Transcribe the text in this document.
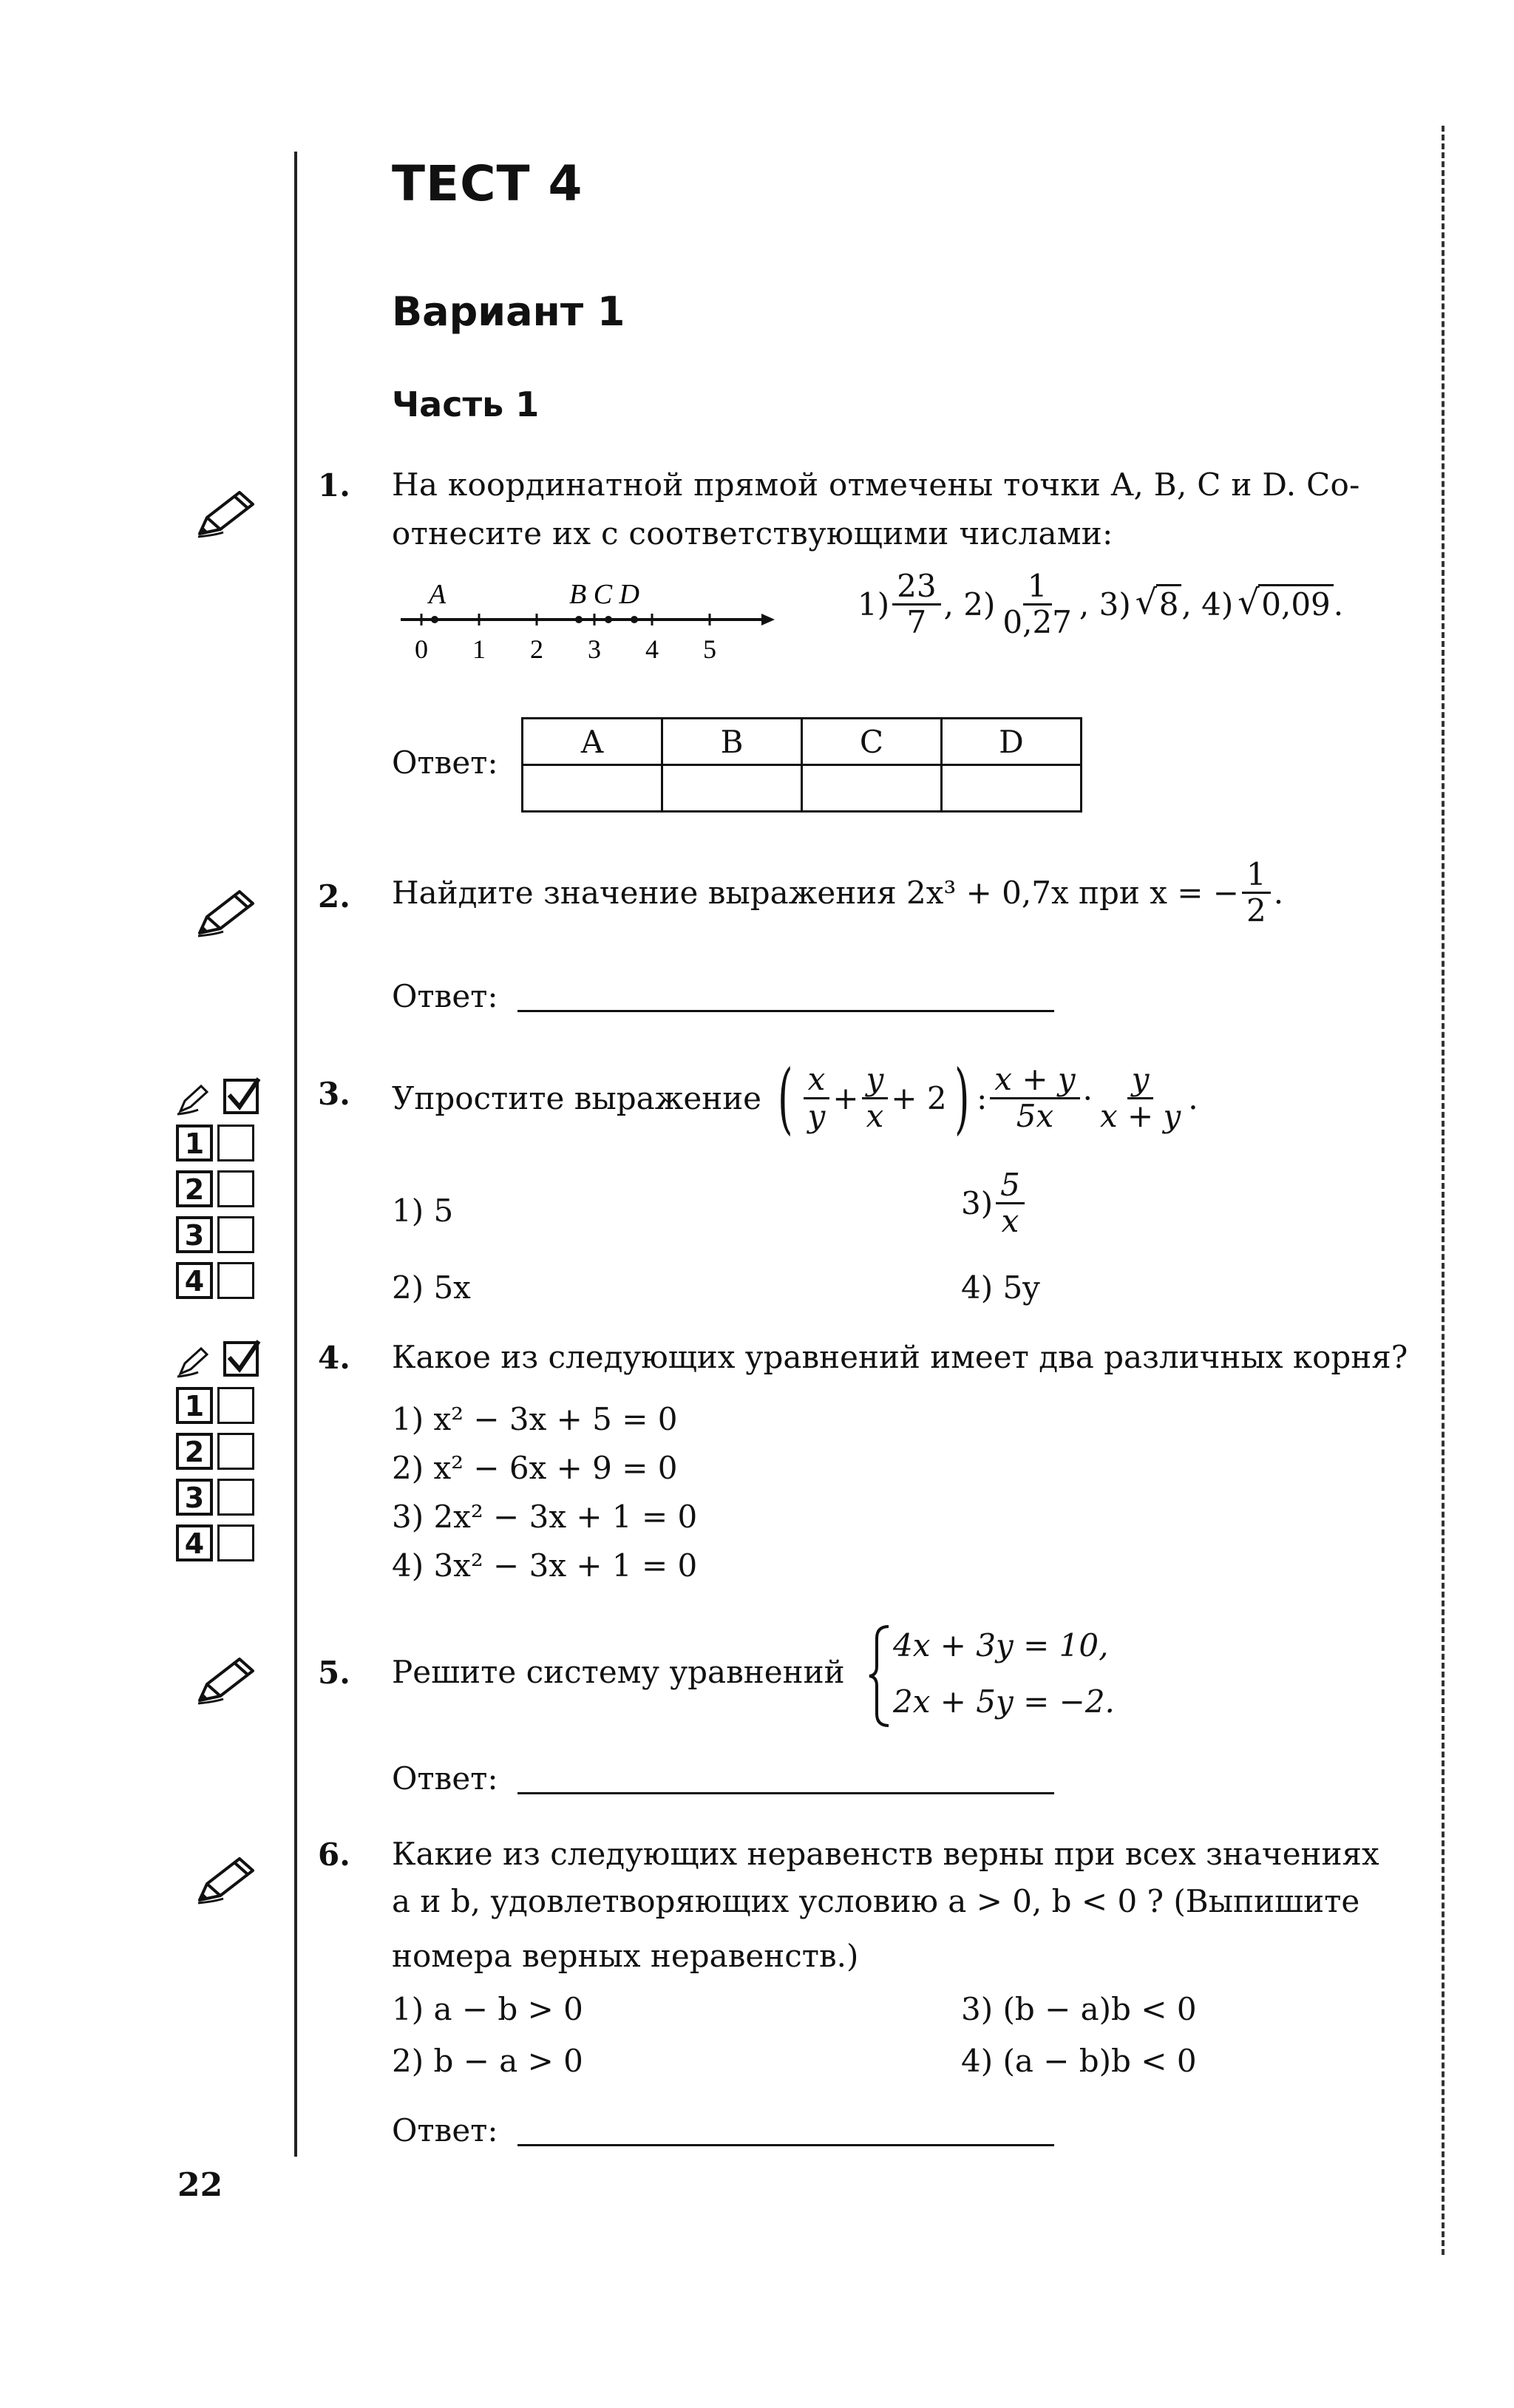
ТЕСТ 4
Вариант 1
Часть 1
1. На координатной прямой отмечены точки A, B, C и D. Со-
отнесите их с соответствующими числами:
A	B C D
0 1 2 3 4 5
$1) \frac{23}{7}$ , $2) \frac{1}{0,27}$ , 3) √ 8 , 4) √ 0,09 .
Ответ:
A	B	C	D

2. Найдите значение выражения 2x³ + 0,7x при x = − $\frac{1}{2}$ .
Ответ:
1
2
3
4
3. Упростите выражение ( $\frac{x}{y} + \frac{y}{x} + 2$ ) : $\frac{x + y}{5x} \cdot \frac{y}{x + y}$ .
1) 5
2) 5x
$3) \frac{5}{x}$
4) 5y
1
2
3
4
4. Какое из следующих уравнений имеет два различных корня?
1) x² − 3x + 5 = 0
2) x² − 6x + 9 = 0
3) 2x² − 3x + 1 = 0
4) 3x² − 3x + 1 = 0
5. Решите систему уравнений
4x + 3y = 10,
2x + 5y = −2.
Ответ:
6. Какие из следующих неравенств верны при всех значениях
a и b, удовлетворяющих условию a > 0, b < 0 ? (Выпишите
номера верных неравенств.)
1) a − b > 0
2) b − a > 0
3) (b − a)b < 0
4) (a − b)b < 0
Ответ:
22
